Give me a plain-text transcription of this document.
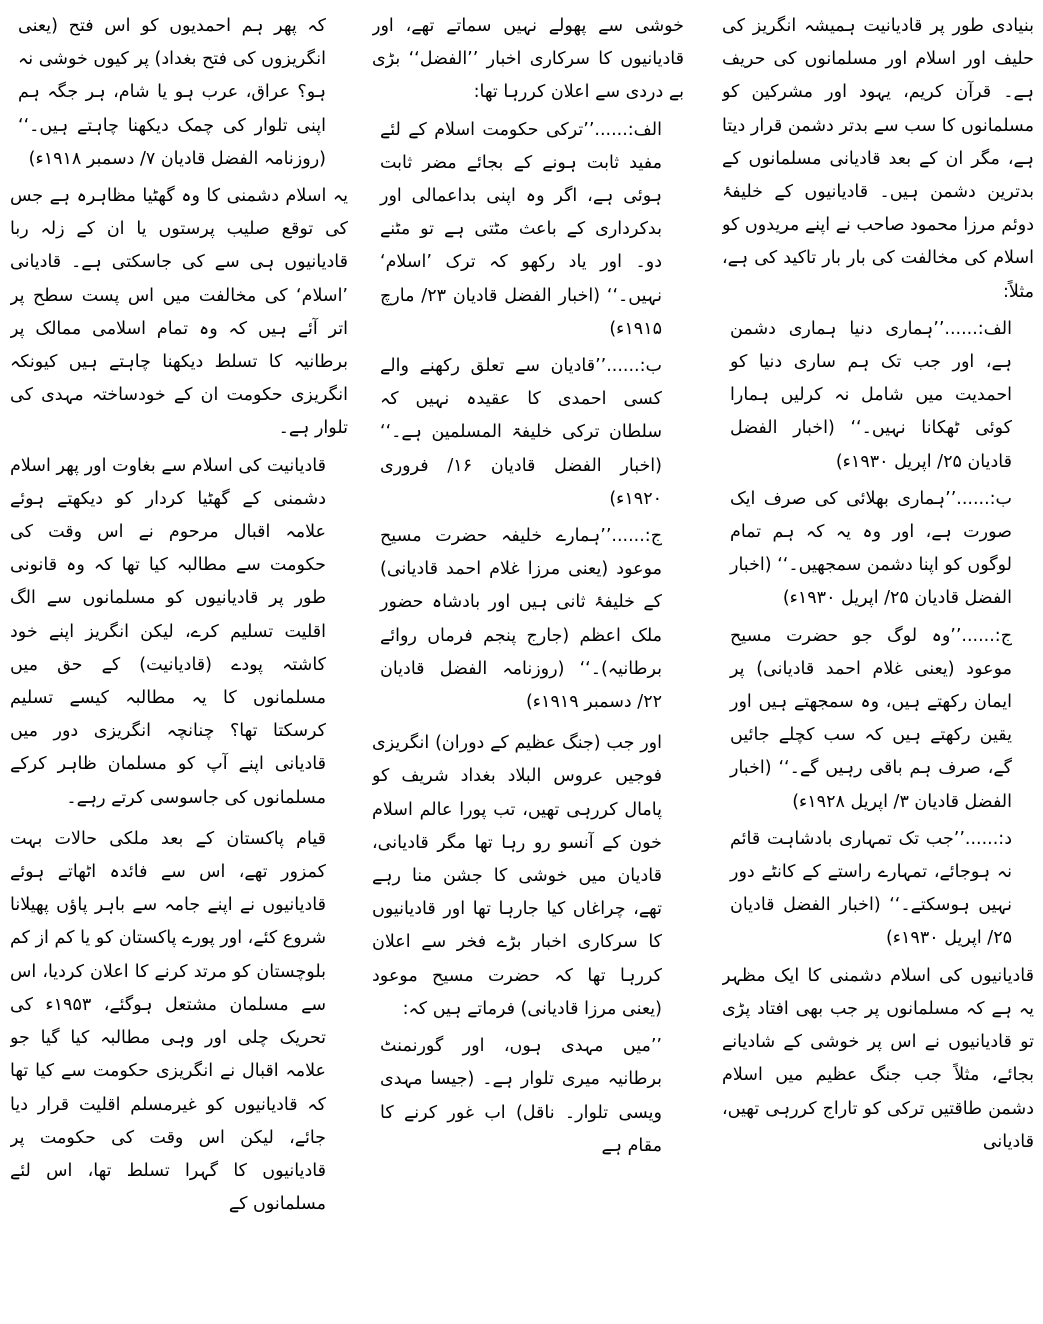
بنیادی طور پر قادیانیت ہمیشہ انگریز کی حلیف اور اسلام اور مسلمانوں کی حریف ہے۔ قرآن کریم، یہود اور مشرکین کو مسلمانوں کا سب سے بدتر دشمن قرار دیتا ہے، مگر ان کے بعد قادیانی مسلمانوں کے بدترین دشمن ہیں۔ قادیانیوں کے خلیفۂ دوئم مرزا محمود صاحب نے اپنے مریدوں کو اسلام کی مخالفت کی بار بار تاکید کی ہے، مثلاً:

الف:......’’ہماری دنیا ہماری دشمن ہے، اور جب تک ہم ساری دنیا کو احمدیت میں شامل نہ کرلیں ہمارا کوئی ٹھکانا نہیں۔‘‘ (اخبار الفضل قادیان ۲۵/ اپریل ۱۹۳۰ء)

ب:......’’ہماری بھلائی کی صرف ایک صورت ہے، اور وہ یہ کہ ہم تمام لوگوں کو اپنا دشمن سمجھیں۔‘‘ (اخبار الفضل قادیان ۲۵/ اپریل ۱۹۳۰ء)

ج:......’’وہ لوگ جو حضرت مسیح موعود (یعنی غلام احمد قادیانی) پر ایمان رکھتے ہیں، وہ سمجھتے ہیں اور یقین رکھتے ہیں کہ سب کچلے جائیں گے، صرف ہم باقی رہیں گے۔‘‘ (اخبار الفضل قادیان ۳/ اپریل ۱۹۲۸ء)

د:......’’جب تک تمہاری بادشاہت قائم نہ ہوجائے، تمہارے راستے کے کانٹے دور نہیں ہوسکتے۔‘‘ (اخبار الفضل قادیان ۲۵/ اپریل ۱۹۳۰ء)

قادیانیوں کی اسلام دشمنی کا ایک مظہر یہ ہے کہ مسلمانوں پر جب بھی افتاد پڑی تو قادیانیوں نے اس پر خوشی کے شادیانے بجائے، مثلاً جب جنگ عظیم میں اسلام دشمن طاقتیں ترکی کو تاراج کررہی تھیں، قادیانی

خوشی سے پھولے نہیں سماتے تھے، اور قادیانیوں کا سرکاری اخبار ’’الفضل‘‘ بڑی بے دردی سے اعلان کررہا تھا:

الف:......’’ترکی حکومت اسلام کے لئے مفید ثابت ہونے کے بجائے مضر ثابت ہوئی ہے، اگر وہ اپنی بداعمالی اور بدکرداری کے باعث مٹتی ہے تو مٹنے دو۔ اور یاد رکھو کہ ترک ’اسلام‘ نہیں۔‘‘ (اخبار الفضل قادیان ۲۳/ مارچ ۱۹۱۵ء)

ب:......’’قادیان سے تعلق رکھنے والے کسی احمدی کا عقیدہ نہیں کہ سلطان ترکی خلیفۃ المسلمین ہے۔‘‘ (اخبار الفضل قادیان ۱۶/ فروری ۱۹۲۰ء)

ج:......’’ہمارے خلیفہ حضرت مسیح موعود (یعنی مرزا غلام احمد قادیانی) کے خلیفۂ ثانی ہیں اور بادشاہ حضور ملک اعظم (جارج پنجم فرماں روائے برطانیہ)۔‘‘ (روزنامہ الفضل قادیان ۲۲/ دسمبر ۱۹۱۹ء)

اور جب (جنگ عظیم کے دوران) انگریزی فوجیں عروس البلاد بغداد شریف کو پامال کررہی تھیں، تب پورا عالم اسلام خون کے آنسو رو رہا تھا مگر قادیانی، قادیان میں خوشی کا جشن منا رہے تھے، چراغاں کیا جارہا تھا اور قادیانیوں کا سرکاری اخبار بڑے فخر سے اعلان کررہا تھا کہ حضرت مسیح موعود (یعنی مرزا قادیانی) فرماتے ہیں کہ:

’’میں مہدی ہوں، اور گورنمنٹ برطانیہ میری تلوار ہے۔ (جیسا مہدی ویسی تلوار۔ ناقل) اب غور کرنے کا مقام ہے

کہ پھر ہم احمدیوں کو اس فتح (یعنی انگریزوں کی فتح بغداد) پر کیوں خوشی نہ ہو؟ عراق، عرب ہو یا شام، ہر جگہ ہم اپنی تلوار کی چمک دیکھنا چاہتے ہیں۔‘‘ (روزنامہ الفضل قادیان ۷/ دسمبر ۱۹۱۸ء)

یہ اسلام دشمنی کا وہ گھٹیا مظاہرہ ہے جس کی توقع صلیب پرستوں یا ان کے زلہ ربا قادیانیوں ہی سے کی جاسکتی ہے۔ قادیانی ’اسلام‘ کی مخالفت میں اس پست سطح پر اتر آئے ہیں کہ وہ تمام اسلامی ممالک پر برطانیہ کا تسلط دیکھنا چاہتے ہیں کیونکہ انگریزی حکومت ان کے خودساختہ مہدی کی تلوار ہے۔

قادیانیت کی اسلام سے بغاوت اور پھر اسلام دشمنی کے گھٹیا کردار کو دیکھتے ہوئے علامہ اقبال مرحوم نے اس وقت کی حکومت سے مطالبہ کیا تھا کہ وہ قانونی طور پر قادیانیوں کو مسلمانوں سے الگ اقلیت تسلیم کرے، لیکن انگریز اپنے خود کاشتہ پودے (قادیانیت) کے حق میں مسلمانوں کا یہ مطالبہ کیسے تسلیم کرسکتا تھا؟ چنانچہ انگریزی دور میں قادیانی اپنے آپ کو مسلمان ظاہر کرکے مسلمانوں کی جاسوسی کرتے رہے۔

قیام پاکستان کے بعد ملکی حالات بہت کمزور تھے، اس سے فائدہ اٹھاتے ہوئے قادیانیوں نے اپنے جامہ سے باہر پاؤں پھیلانا شروع کئے، اور پورے پاکستان کو یا کم از کم بلوچستان کو مرتد کرنے کا اعلان کردیا، اس سے مسلمان مشتعل ہوگئے، ۱۹۵۳ء کی تحریک چلی اور وہی مطالبہ کیا گیا جو علامہ اقبال نے انگریزی حکومت سے کیا تھا کہ قادیانیوں کو غیرمسلم اقلیت قرار دیا جائے، لیکن اس وقت کی حکومت پر قادیانیوں کا گہرا تسلط تھا، اس لئے مسلمانوں کے
